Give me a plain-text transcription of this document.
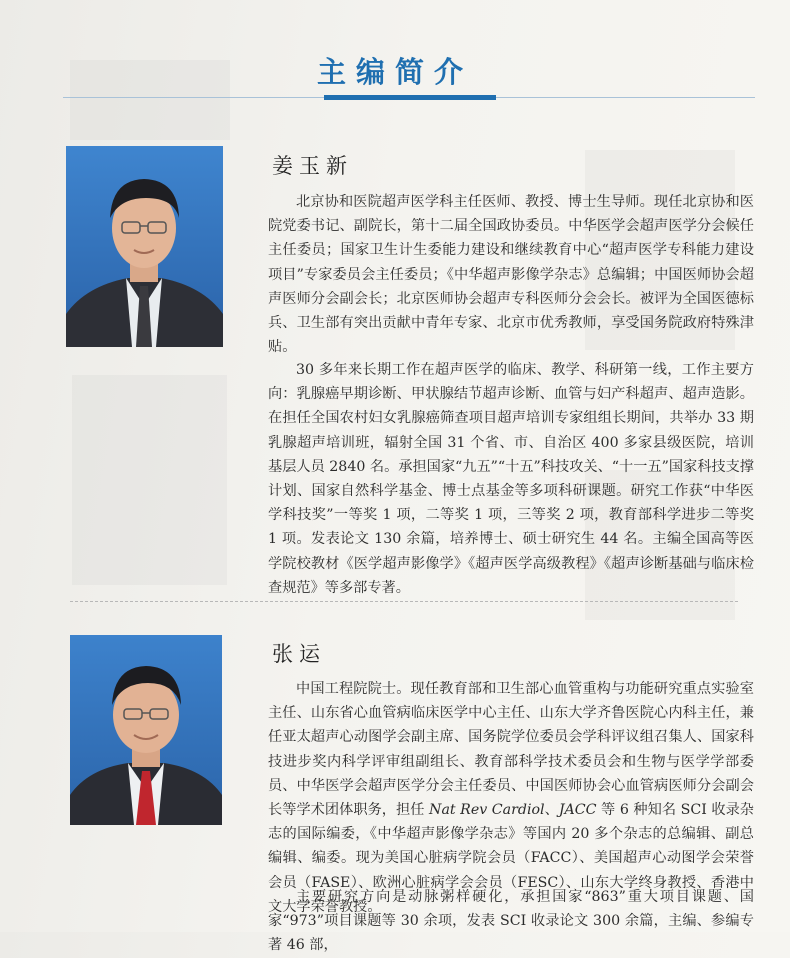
主编简介
姜玉新

北京协和医院超声医学科主任医师、教授、博士生导师。现任北京协和医院党委书记、副院长，第十二届全国政协委员。中华医学会超声医学分会候任主任委员；国家卫生计生委能力建设和继续教育中心“超声医学专科能力建设项目”专家委员会主任委员；《中华超声影像学杂志》总编辑；中国医师协会超声医师分会副会长；北京医师协会超声专科医师分会会长。被评为全国医德标兵、卫生部有突出贡献中青年专家、北京市优秀教师，享受国务院政府特殊津贴。

30 多年来长期工作在超声医学的临床、教学、科研第一线，工作主要方向：乳腺癌早期诊断、甲状腺结节超声诊断、血管与妇产科超声、超声造影。在担任全国农村妇女乳腺癌筛查项目超声培训专家组组长期间，共举办 33 期乳腺超声培训班，辐射全国 31 个省、市、自治区 400 多家县级医院，培训基层人员 2840 名。承担国家“九五”“十五”科技攻关、“十一五”国家科技支撑计划、国家自然科学基金、博士点基金等多项科研课题。研究工作获“中华医学科技奖”一等奖 1 项，二等奖 1 项，三等奖 2 项，教育部科学进步二等奖 1 项。发表论文 130 余篇，培养博士、硕士研究生 44 名。主编全国高等医学院校教材《医学超声影像学》《超声医学高级教程》《超声诊断基础与临床检查规范》等多部专著。

张运

中国工程院院士。现任教育部和卫生部心血管重构与功能研究重点实验室主任、山东省心血管病临床医学中心主任、山东大学齐鲁医院心内科主任，兼任亚太超声心动图学会副主席、国务院学位委员会学科评议组召集人、国家科技进步奖内科学评审组副组长、教育部科学技术委员会和生物与医学学部委员、中华医学会超声医学分会主任委员、中国医师协会心血管病医师分会副会长等学术团体职务，担任 Nat Rev Cardiol、JACC 等 6 种知名 SCI 收录杂志的国际编委，《中华超声影像学杂志》等国内 20 多个杂志的总编辑、副总编辑、编委。现为美国心脏病学院会员（FACC）、美国超声心动图学会荣誉会员（FASE）、欧洲心脏病学会会员（FESC）、山东大学终身教授、香港中文大学荣誉教授。

主要研究方向是动脉粥样硬化，承担国家“863”重大项目课题、国家“973”项目课题等 30 余项，发表 SCI 收录论文 300 余篇，主编、参编专著 46 部，
